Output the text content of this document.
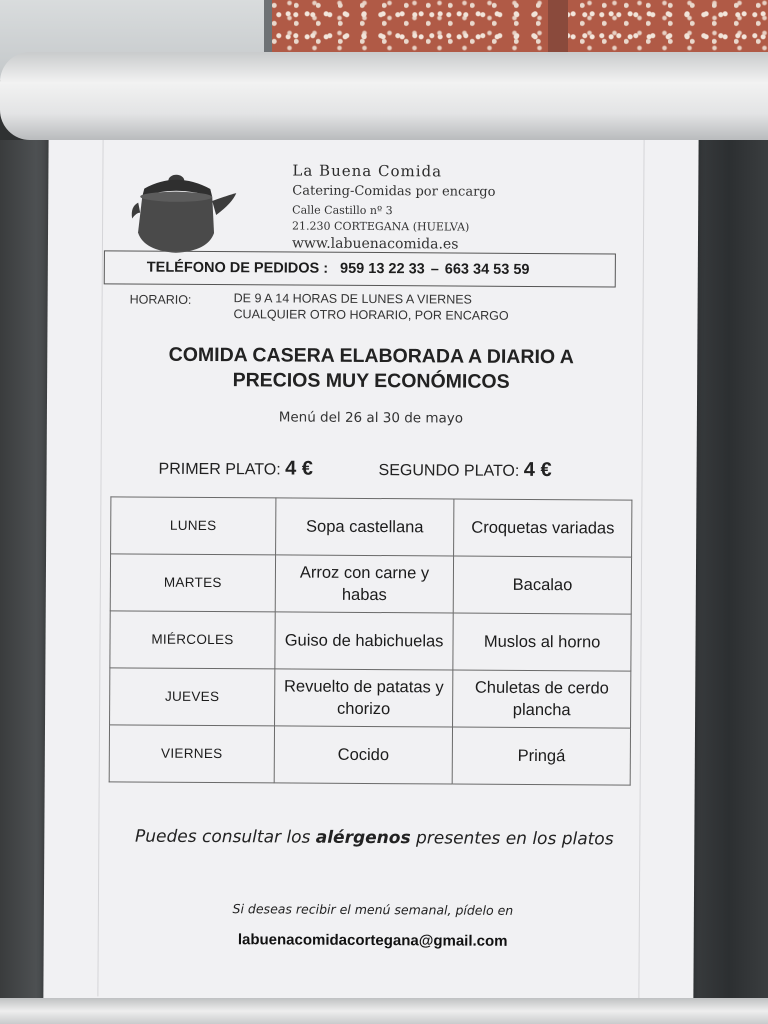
La Buena Comida
Catering-Comidas por encargo
Calle Castillo nº 3
21.230 CORTEGANA (HUELVA)
www.labuenacomida.es
TELÉFONO DE PEDIDOS : 959 13 22 33 – 663 34 53 59
HORARIO:	DE 9 A 14 HORAS DE LUNES A VIERNES
CUALQUIER OTRO HORARIO, POR ENCARGO
COMIDA CASERA ELABORADA A DIARIO A
PRECIOS MUY ECONÓMICOS
Menú del 26 al 30 de mayo
PRIMER PLATO: 4 €	SEGUNDO PLATO: 4 €
LUNES	Sopa castellana	Croquetas variadas
MARTES	Arroz con carne y habas	Bacalao
MIÉRCOLES	Guiso de habichuelas	Muslos al horno
JUEVES	Revuelto de patatas y chorizo	Chuletas de cerdo plancha
VIERNES	Cocido	Pringá
Puedes consultar los alérgenos presentes en los platos
Si deseas recibir el menú semanal, pídelo en
labuenacomidacortegana@gmail.com
